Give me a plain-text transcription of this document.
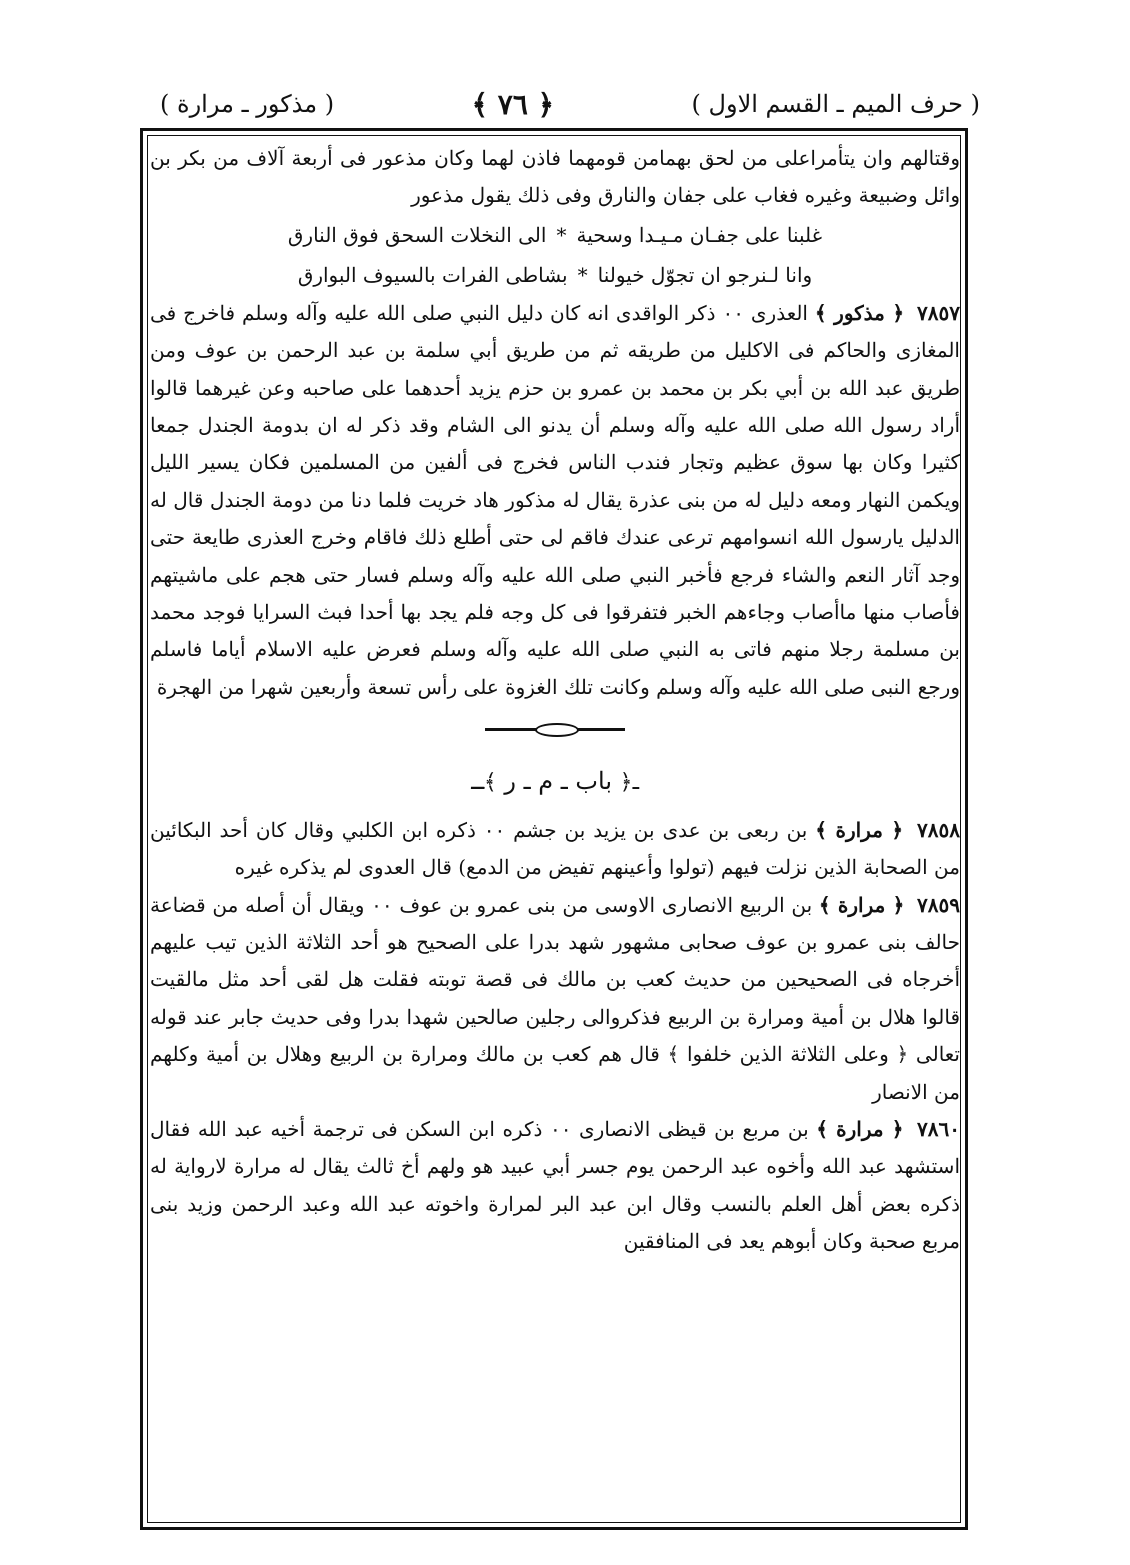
( حرف الميم ـ القسم الاول )
﴿ ٧٦ ﴾
( مذكور ـ مرارة )

وقتالهم وان يتأمراعلى من لحق بهمامن قومهما فاذن لهما وكان مذعور فى أربعة آلاف من بكر بن وائل وضبيعة وغيره فغاب على جفان والنارق وفى ذلك يقول مذعور

غلبنا على جفـان مـيـدا وسحية*الى النخلات السحق فوق النارق
وانا لـنرجو ان تجوّل خيولنا*بشاطى الفرات بالسيوف البوارق

٧٨٥٧ ﴿ مذكور ﴾ العذرى ٠٠ ذكر الواقدى انه كان دليل النبي صلى الله عليه وآله وسلم فاخرج فى المغازى والحاكم فى الاكليل من طريقه ثم من طريق أبي سلمة بن عبد الرحمن بن عوف ومن طريق عبد الله بن أبي بكر بن محمد بن عمرو بن حزم يزيد أحدهما على صاحبه وعن غيرهما قالوا أراد رسول الله صلى الله عليه وآله وسلم أن يدنو الى الشام وقد ذكر له ان بدومة الجندل جمعا كثيرا وكان بها سوق عظيم وتجار فندب الناس فخرج فى ألفين من المسلمين فكان يسير الليل ويكمن النهار ومعه دليل له من بنى عذرة يقال له مذكور هاد خريت فلما دنا من دومة الجندل قال له الدليل يارسول الله انسوامهم ترعى عندك فاقم لى حتى أطلع ذلك فاقام وخرج العذرى طايعة حتى وجد آثار النعم والشاء فرجع فأخبر النبي صلى الله عليه وآله وسلم فسار حتى هجم على ماشيتهم فأصاب منها ماأصاب وجاءهم الخبر فتفرقوا فى كل وجه فلم يجد بها أحدا فبث السرايا فوجد محمد بن مسلمة رجلا منهم فاتى به النبي صلى الله عليه وآله وسلم فعرض عليه الاسلام أياما فاسلم ورجع النبى صلى الله عليه وآله وسلم وكانت تلك الغزوة على رأس تسعة وأربعين شهرا من الهجرة

ـ﴿ باب ـ م ـ ر ﴾ـ

٧٨٥٨ ﴿ مرارة ﴾ بن ربعى بن عدى بن يزيد بن جشم ٠٠ ذكره ابن الكلبي وقال كان أحد البكائين من الصحابة الذين نزلت فيهم (تولوا وأعينهم تفيض من الدمع) قال العدوى لم يذكره غيره

٧٨٥٩ ﴿ مرارة ﴾ بن الربيع الانصارى الاوسى من بنى عمرو بن عوف ٠٠ ويقال أن أصله من قضاعة حالف بنى عمرو بن عوف صحابى مشهور شهد بدرا على الصحيح هو أحد الثلاثة الذين تيب عليهم أخرجاه فى الصحيحين من حديث كعب بن مالك فى قصة توبته فقلت هل لقى أحد مثل مالقيت قالوا هلال بن أمية ومرارة بن الربيع فذكروالى رجلين صالحين شهدا بدرا وفى حديث جابر عند قوله تعالى ﴿ وعلى الثلاثة الذين خلفوا ﴾ قال هم كعب بن مالك ومرارة بن الربيع وهلال بن أمية وكلهم من الانصار

٧٨٦٠ ﴿ مرارة ﴾ بن مربع بن قيظى الانصارى ٠٠ ذكره ابن السكن فى ترجمة أخيه عبد الله فقال استشهد عبد الله وأخوه عبد الرحمن يوم جسر أبي عبيد هو ولهم أخ ثالث يقال له مرارة لارواية له ذكره بعض أهل العلم بالنسب وقال ابن عبد البر لمرارة واخوته عبد الله وعبد الرحمن وزيد بنى مربع صحبة وكان أبوهم يعد فى المنافقين
